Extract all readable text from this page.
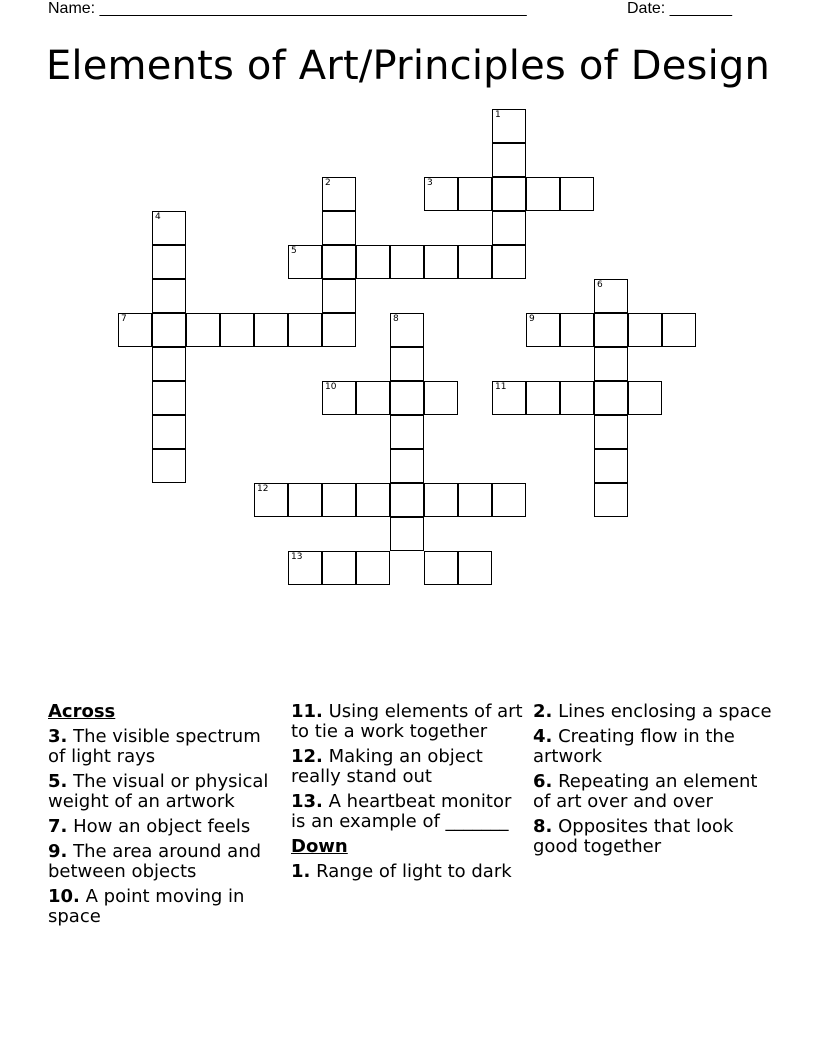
Name: ________________________________________________	Date: _______
Elements of Art/Principles of Design
1
2	3
4
5
6
7	8	9
10	11
12
13
Across
3. The visible spectrum of light rays
5. The visual or physical weight of an artwork
7. How an object feels
9. The area around and between objects
10. A point moving in space
11. Using elements of art to tie a work together
12. Making an object really stand out
13. A heartbeat monitor is an example of _______
Down
1. Range of light to dark
2. Lines enclosing a space
4. Creating flow in the artwork
6. Repeating an element of art over and over
8. Opposites that look good together
